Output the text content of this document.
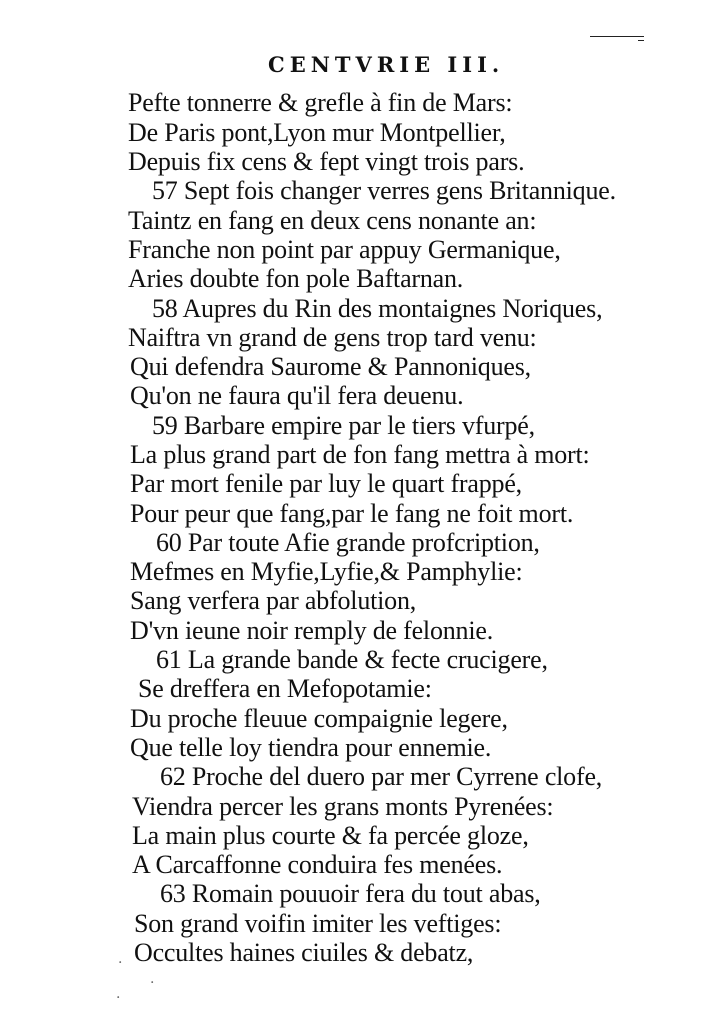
CENTVRIE III.
Pefte tonnerre & grefle à fin de Mars:
De Paris pont,Lyon mur Montpellier,
Depuis fix cens & fept vingt trois pars.
57 Sept fois changer verres gens Britannique.
Taintz en fang en deux cens nonante an:
Franche non point par appuy Germanique,
Aries doubte fon pole Baftarnan.
58 Aupres du Rin des montaignes Noriques,
Naiftra vn grand de gens trop tard venu:
Qui defendra Saurome & Pannoniques,
Qu'on ne faura qu'il fera deuenu.
59 Barbare empire par le tiers vfurpé,
La plus grand part de fon fang mettra à mort:
Par mort fenile par luy le quart frappé,
Pour peur que fang,par le fang ne foit mort.
60 Par toute Afie grande profcription,
Mefmes en Myfie,Lyfie,& Pamphylie:
Sang verfera par abfolution,
D'vn ieune noir remply de felonnie.
61 La grande bande & fecte crucigere,
Se dreffera en Mefopotamie:
Du proche fleuue compaignie legere,
Que telle loy tiendra pour ennemie.
62 Proche del duero par mer Cyrrene clofe,
Viendra percer les grans monts Pyrenées:
La main plus courte & fa percée gloze,
A Carcaffonne conduira fes menées.
63 Romain pouuoir fera du tout abas,
Son grand voifin imiter les veftiges:
Occultes haines ciuiles & debatz,
·
·
·
